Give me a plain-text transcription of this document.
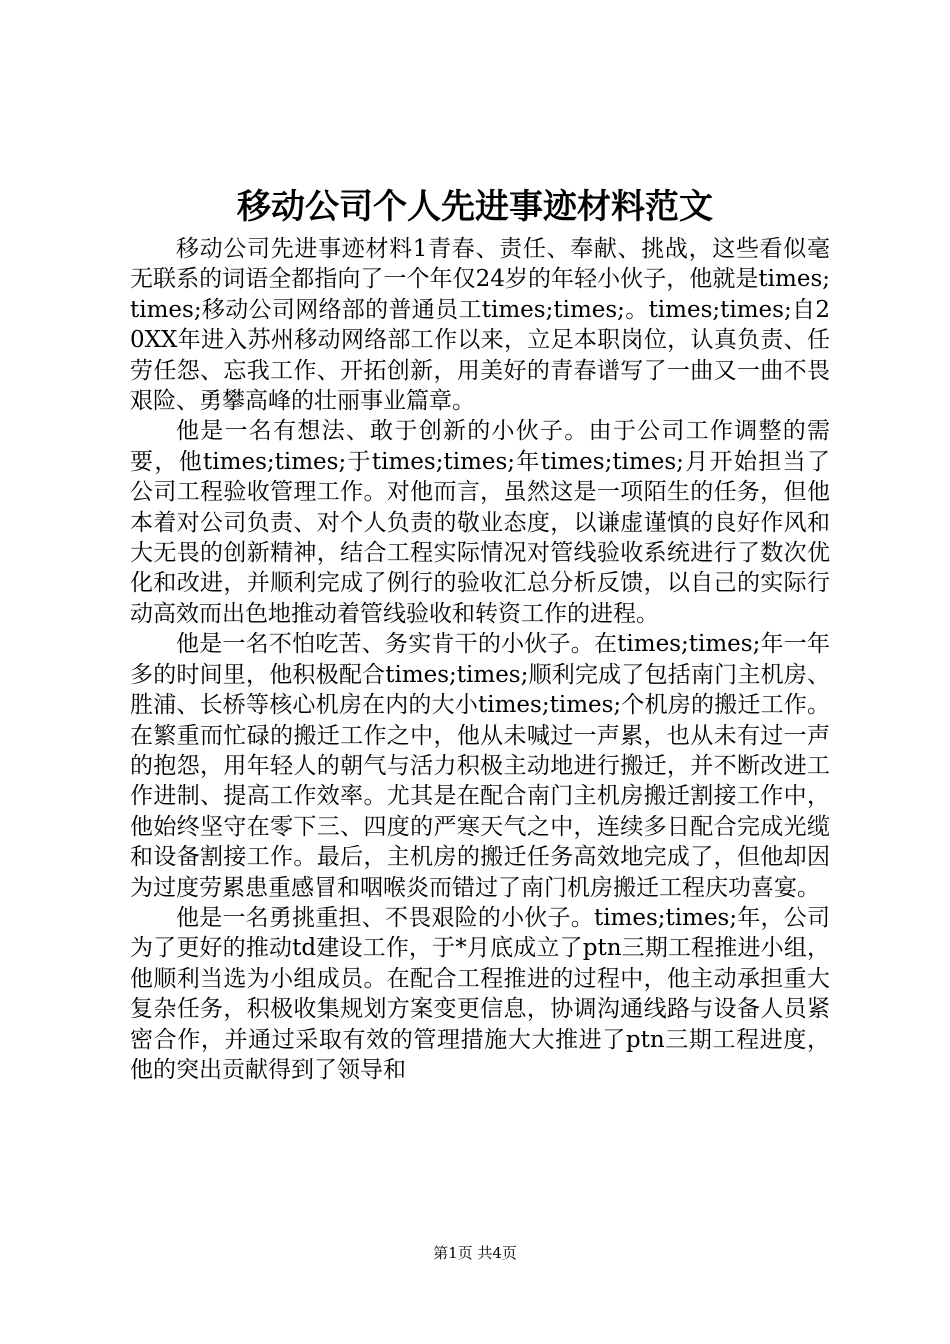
移动公司个人先进事迹材料范文

移动公司先进事迹材料1青春、责任、奉献、挑战，这些看似毫无联系的词语全都指向了一个年仅24岁的年轻小伙子，他就是times;times;移动公司网络部的普通员工times;times;。times;times;自20XX年进入苏州移动网络部工作以来，立足本职岗位，认真负责、任劳任怨、忘我工作、开拓创新，用美好的青春谱写了一曲又一曲不畏艰险、勇攀高峰的壮丽事业篇章。

他是一名有想法、敢于创新的小伙子。由于公司工作调整的需要，他times;times;于times;times;年times;times;月开始担当了公司工程验收管理工作。对他而言，虽然这是一项陌生的任务，但他本着对公司负责、对个人负责的敬业态度，以谦虚谨慎的良好作风和大无畏的创新精神，结合工程实际情况对管线验收系统进行了数次优化和改进，并顺利完成了例行的验收汇总分析反馈，以自己的实际行动高效而出色地推动着管线验收和转资工作的进程。

他是一名不怕吃苦、务实肯干的小伙子。在times;times;年一年多的时间里，他积极配合times;times;顺利完成了包括南门主机房、胜浦、长桥等核心机房在内的大小times;times;个机房的搬迁工作。在繁重而忙碌的搬迁工作之中，他从未喊过一声累，也从未有过一声的抱怨，用年轻人的朝气与活力积极主动地进行搬迁，并不断改进工作进制、提高工作效率。尤其是在配合南门主机房搬迁割接工作中，他始终坚守在零下三、四度的严寒天气之中，连续多日配合完成光缆和设备割接工作。最后，主机房的搬迁任务高效地完成了，但他却因为过度劳累患重感冒和咽喉炎而错过了南门机房搬迁工程庆功喜宴。

他是一名勇挑重担、不畏艰险的小伙子。times;times;年，公司为了更好的推动td建设工作，于*月底成立了ptn三期工程推进小组，他顺利当选为小组成员。在配合工程推进的过程中，他主动承担重大复杂任务，积极收集规划方案变更信息，协调沟通线路与设备人员紧密合作，并通过采取有效的管理措施大大推进了ptn三期工程进度，他的突出贡献得到了领导和

第1页 共4页
